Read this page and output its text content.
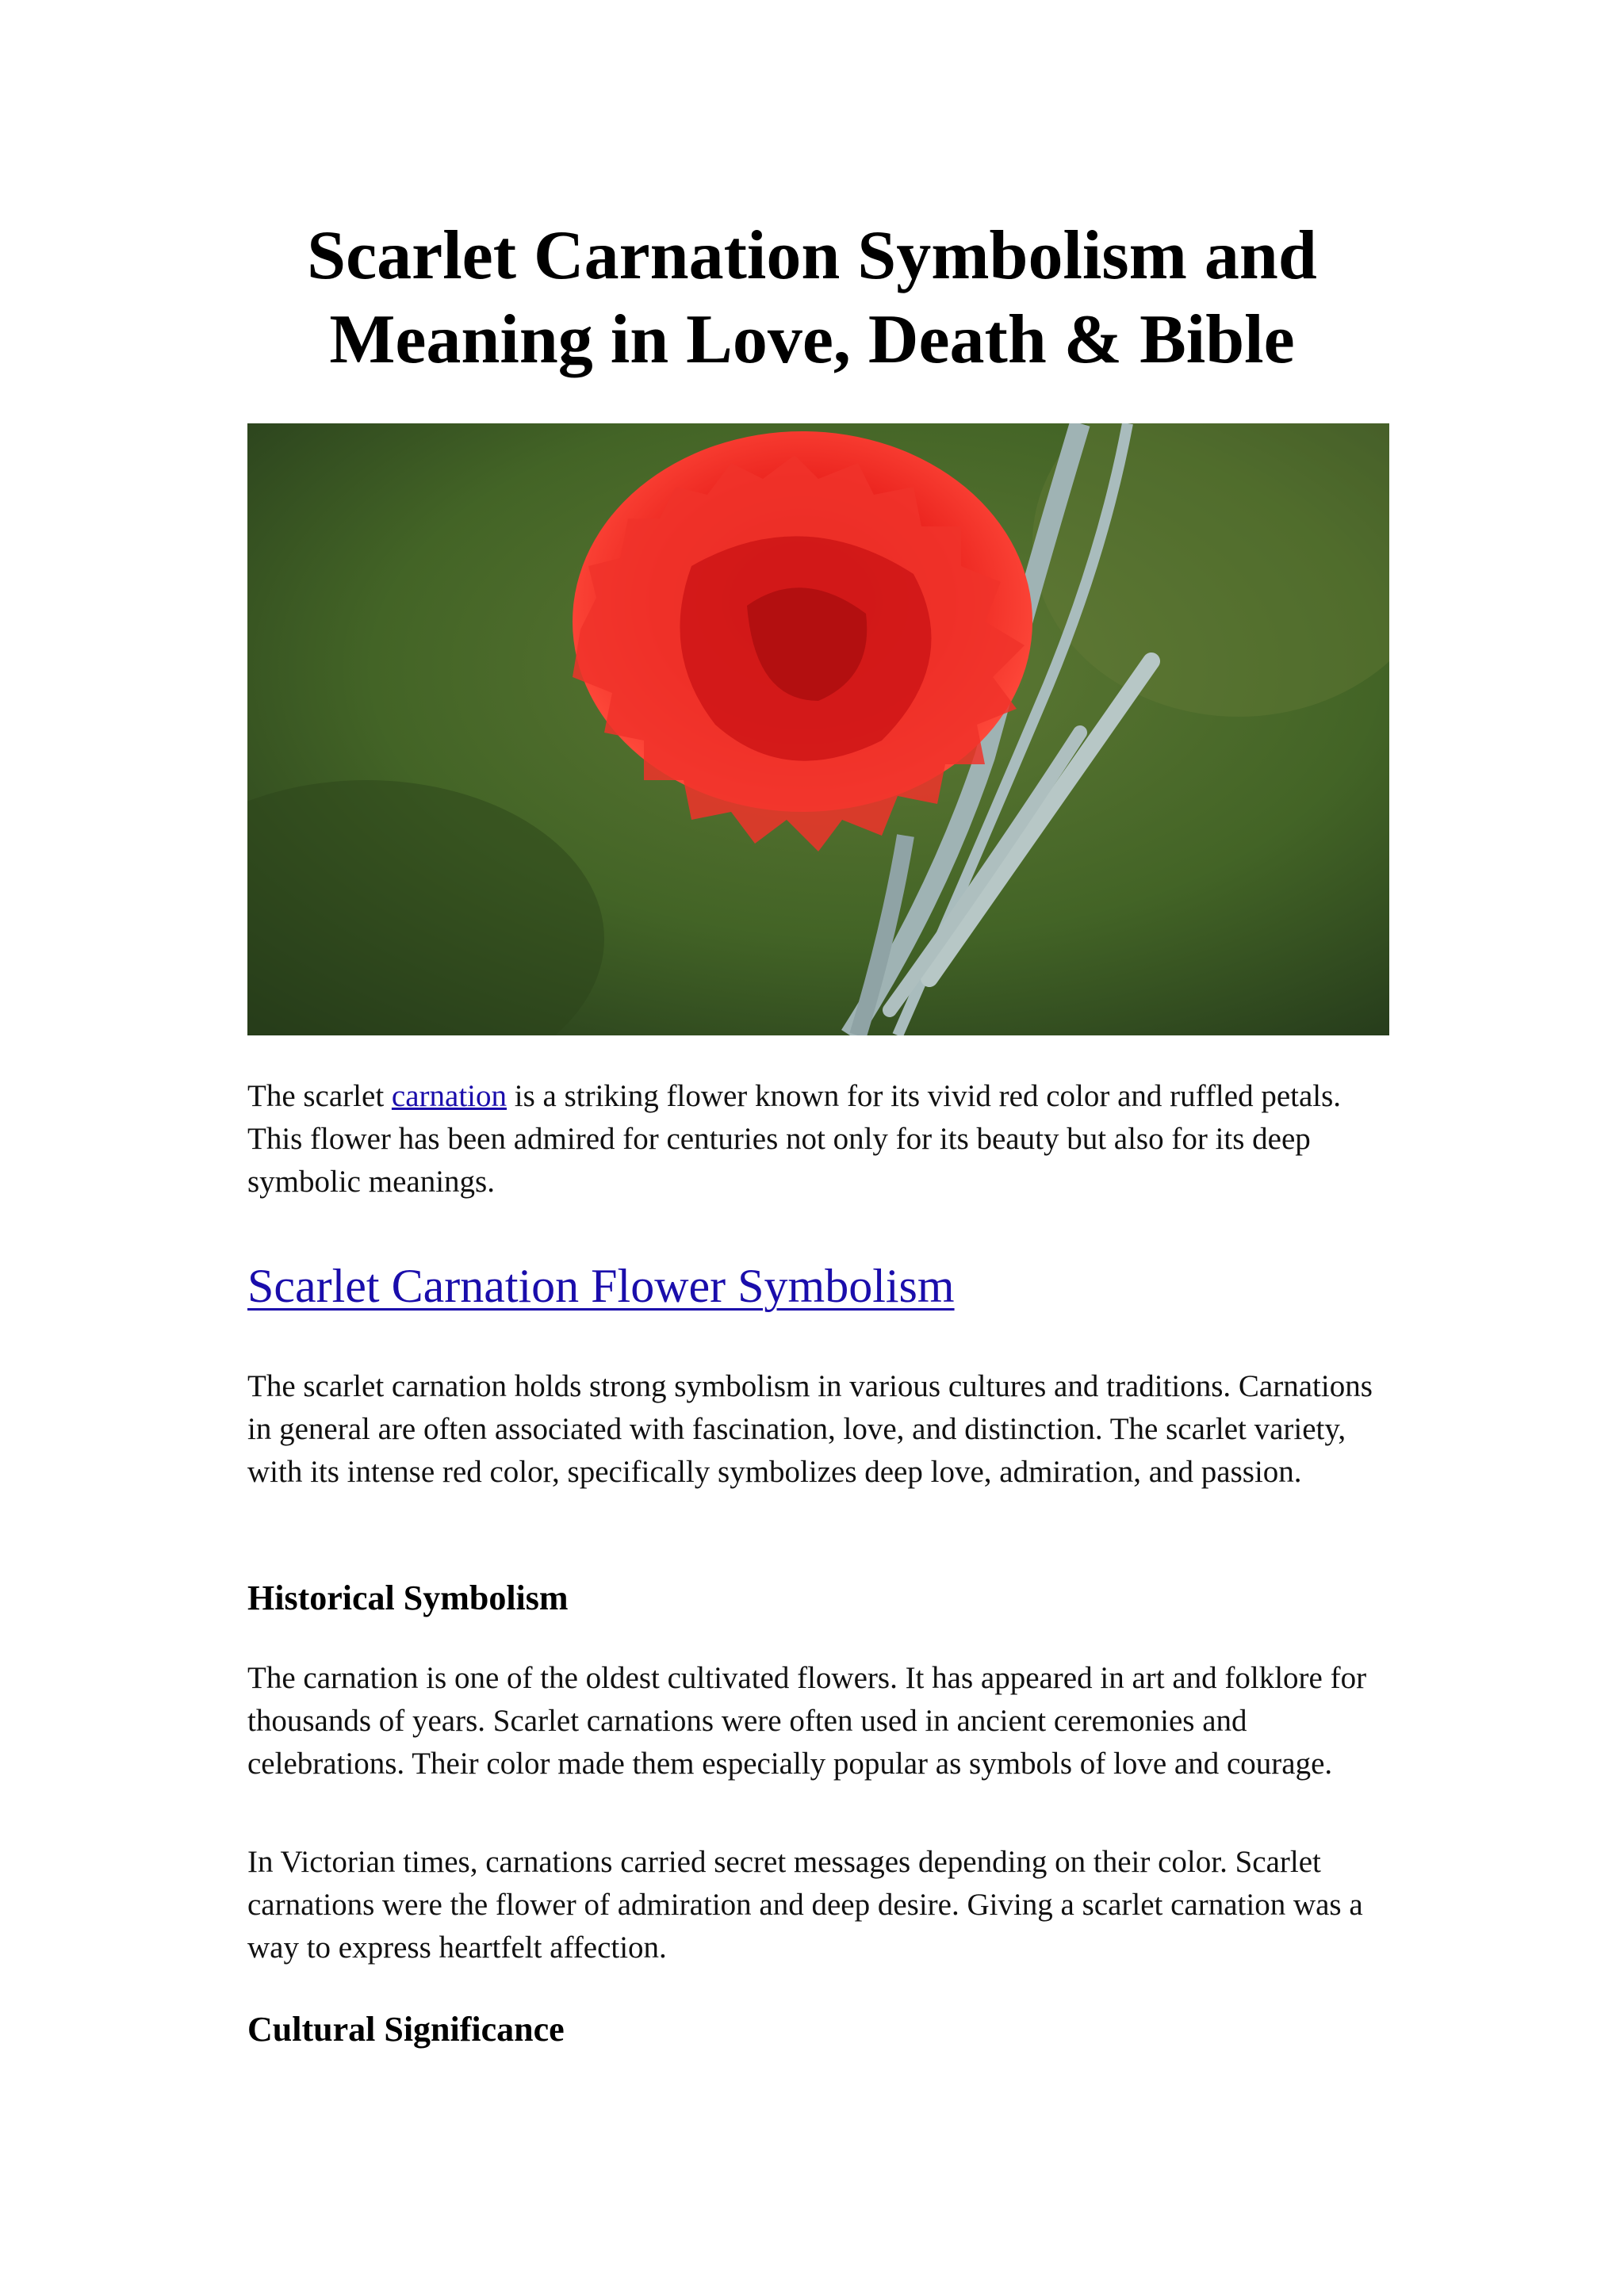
Scarlet Carnation Symbolism and
Meaning in Love, Death & Bible

The scarlet carnation is a striking flower known for its vivid red color and ruffled petals. This flower has been admired for centuries not only for its beauty but also for its deep symbolic meanings.

Scarlet Carnation Flower Symbolism

The scarlet carnation holds strong symbolism in various cultures and traditions. Carnations in general are often associated with fascination, love, and distinction. The scarlet variety, with its intense red color, specifically symbolizes deep love, admiration, and passion.

Historical Symbolism

The carnation is one of the oldest cultivated flowers. It has appeared in art and folklore for thousands of years. Scarlet carnations were often used in ancient ceremonies and celebrations. Their color made them especially popular as symbols of love and courage.

In Victorian times, carnations carried secret messages depending on their color. Scarlet carnations were the flower of admiration and deep desire. Giving a scarlet carnation was a way to express heartfelt affection.

Cultural Significance
